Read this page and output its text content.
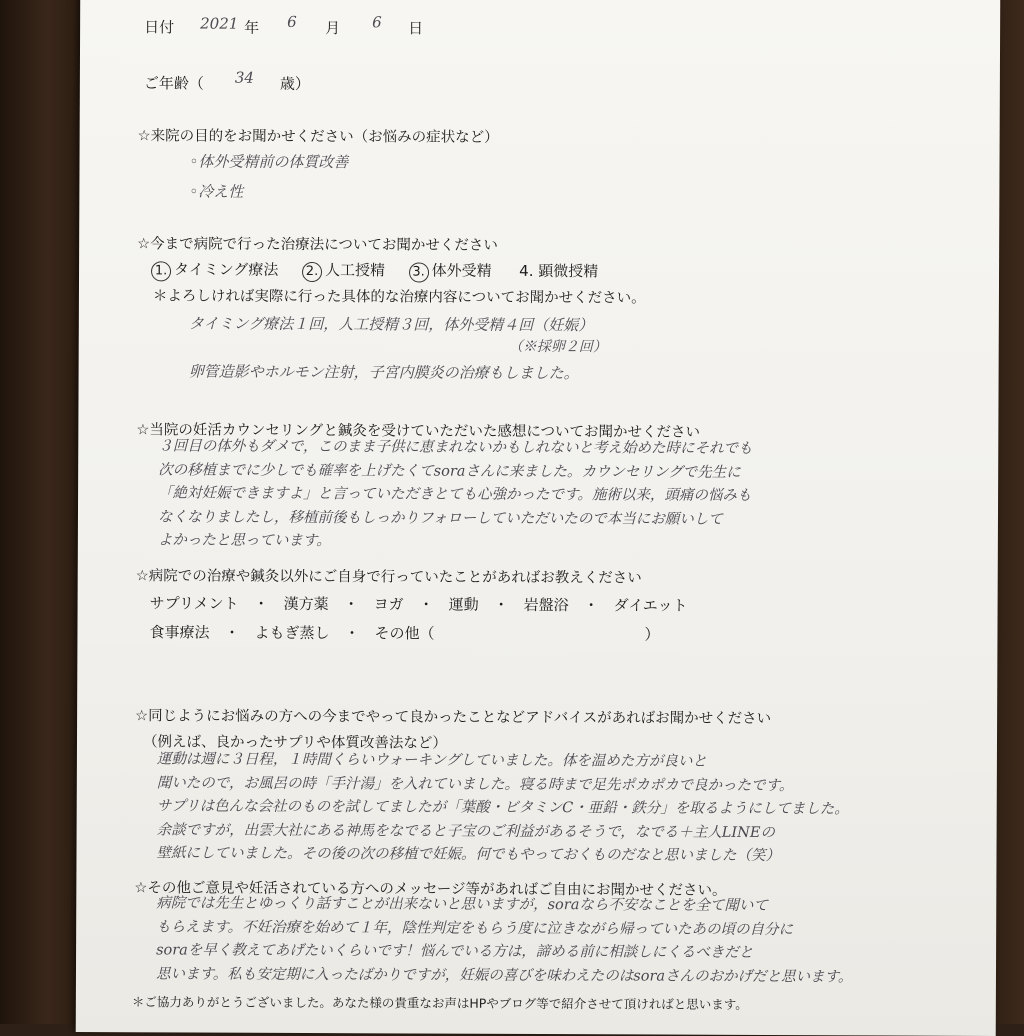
日付 2021 年 6 月 6 日
ご年齢（ 34 歳）
☆来院の目的をお聞かせください（お悩みの症状など）
◦体外受精前の体質改善
◦冷え性
☆今まで病院で行った治療法についてお聞かせください
1. タイミング療法 2. 人工授精 3. 体外受精 4. 顕微授精
＊よろしければ実際に行った具体的な治療内容についてお聞かせください。
タイミング療法１回，人工授精３回，体外受精４回（妊娠）
（※採卵２回）
卵管造影やホルモン注射，子宮内膜炎の治療もしました。
☆当院の妊活カウンセリングと鍼灸を受けていただいた感想についてお聞かせください
３回目の体外もダメで，このまま子供に恵まれないかもしれないと考え始めた時にそれでも
次の移植までに少しでも確率を上げたくてsoraさんに来ました。カウンセリングで先生に
「絶対妊娠できますよ」と言っていただきとても心強かったです。施術以来，頭痛の悩みも
なくなりましたし，移植前後もしっかりフォローしていただいたので本当にお願いして
よかったと思っています。
☆病院での治療や鍼灸以外にご自身で行っていたことがあればお教えください
サプリメント　・　漢方薬　・　ヨガ　・　運動　・　岩盤浴　・　ダイエット
食事療法　・　よもぎ蒸し　・　その他（　　　　　　　　　　　　　　）
☆同じようにお悩みの方への今までやって良かったことなどアドバイスがあればお聞かせください
（例えば、良かったサプリや体質改善法など）
運動は週に３日程，１時間くらいウォーキングしていました。体を温めた方が良いと
聞いたので，お風呂の時「手汁湯」を入れていました。寝る時まで足先ポカポカで良かったです。
サプリは色んな会社のものを試してましたが「葉酸・ビタミンC・亜鉛・鉄分」を取るようにしてました。
余談ですが，出雲大社にある神馬をなでると子宝のご利益があるそうで，なでる＋主人LINEの
壁紙にしていました。その後の次の移植で妊娠。何でもやっておくものだなと思いました（笑）
☆その他ご意見や妊活されている方へのメッセージ等があればご自由にお聞かせください。
病院では先生とゆっくり話すことが出来ないと思いますが，soraなら不安なことを全て聞いて
もらえます。不妊治療を始めて１年，陰性判定をもらう度に泣きながら帰っていたあの頃の自分に
soraを早く教えてあげたいくらいです！悩んでいる方は，諦める前に相談しにくるべきだと
思います。私も安定期に入ったばかりですが，妊娠の喜びを味わえたのはsoraさんのおかげだと思います。
＊ご協力ありがとうございました。あなた様の貴重なお声はHPやブログ等で紹介させて頂ければと思います。
